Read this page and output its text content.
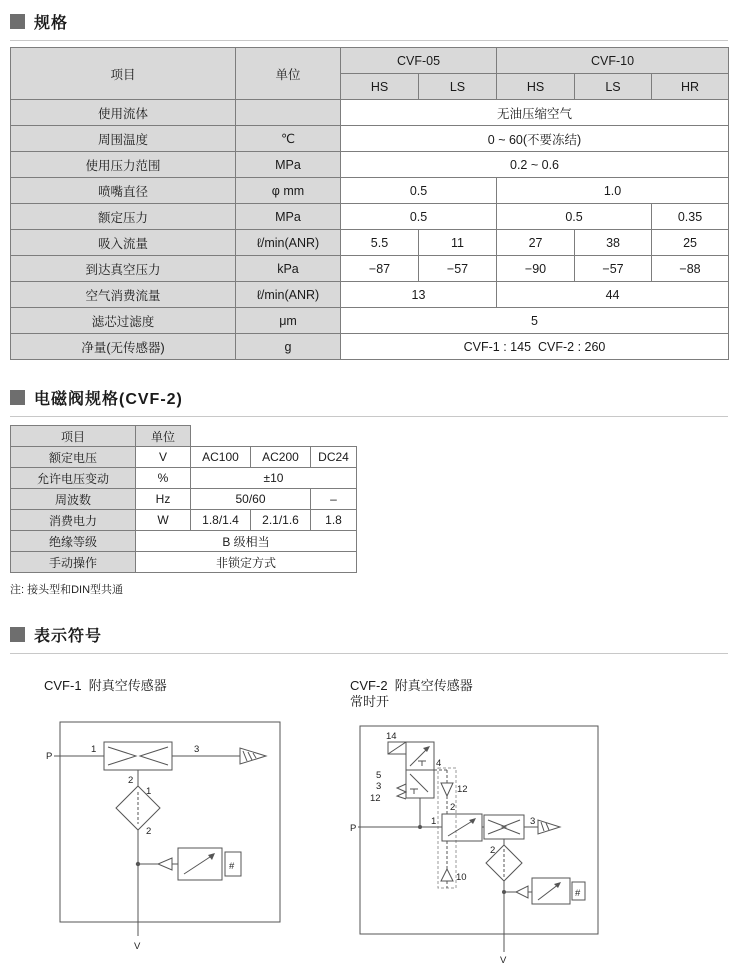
规格
项目	单位	CVF-05		CVF-10		
		HS	LS	HS	LS	HR
使用流体		无油压缩空气				
周围温度	℃	0 ~ 60(不要冻结)				
使用压力范围	MPa	0.2 ~ 0.6				
喷嘴直径	φ mm	0.5		1.0		
额定压力	MPa	0.5		0.5		0.35
吸入流量	ℓ/min(ANR)	5.5	11	27	38	25
到达真空压力	kPa	−87	−57	−90	−57	−88
空气消费流量	ℓ/min(ANR)	13		44		
滤芯过滤度	μm	5				
净量(无传感器)	g	CVF-1 : 145  CVF-2 : 260				
电磁阀规格(CVF-2)
项目	单位			
额定电压	V	AC100	AC200	DC24
允许电压变动	%	±10		
周波数	Hz	50/60		–
消费电力	W	1.8/1.4	2.1/1.6	1.8
绝缘等级	B 级相当			
手动操作	非锁定方式			
注: 接头型和DIN型共通
表示符号
CVF-1  附真空传感器
P
1	3
2
1
2
#
V
CVF-2  附真空传感器
常时开
14
5
3
12
4
12
2
1
10
3
2
P
#
V
